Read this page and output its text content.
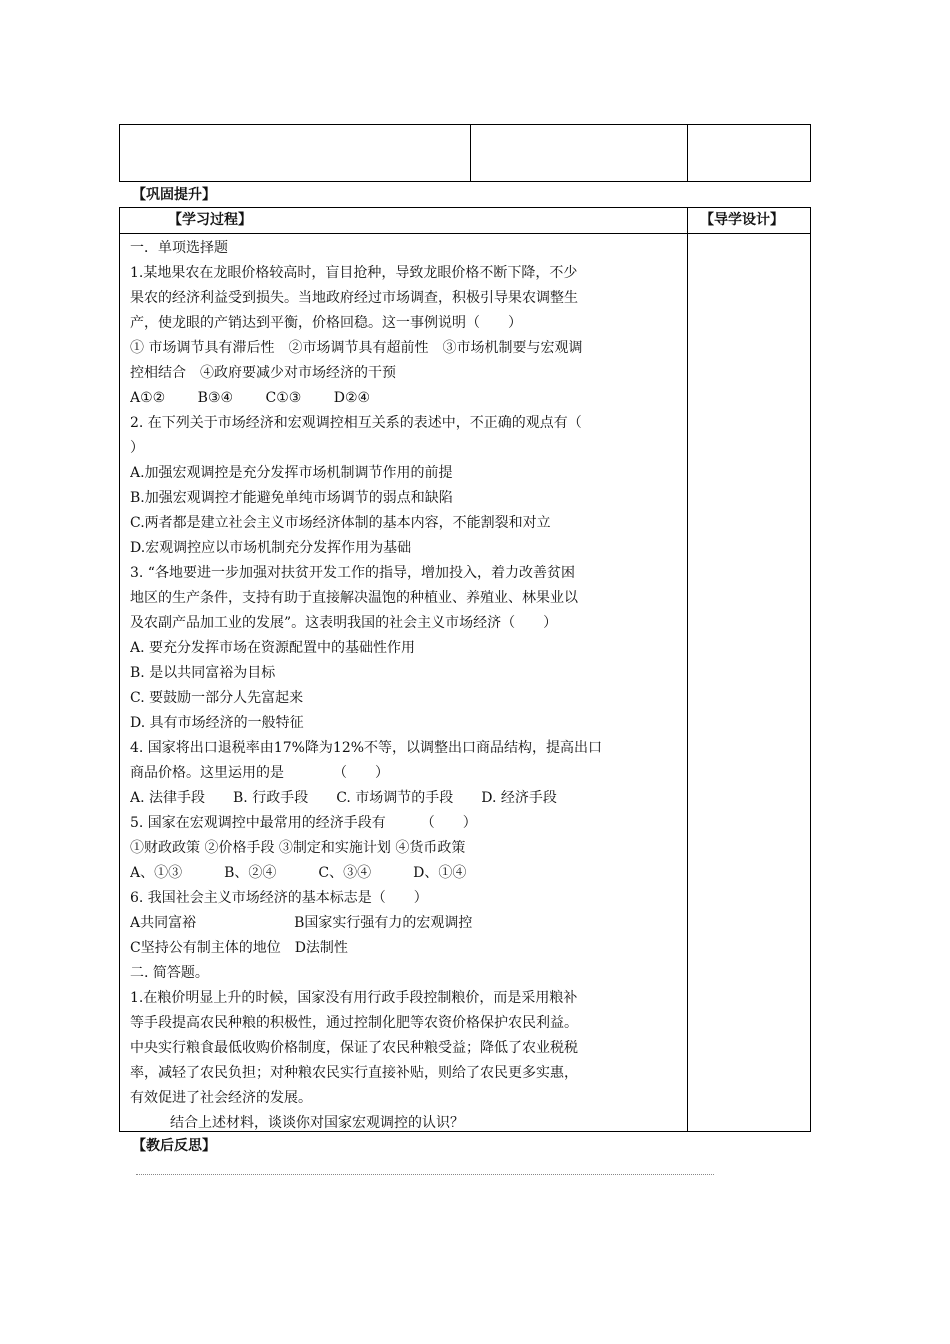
【巩固提升】
【学习过程】	【导学设计】
一．单项选择题
1.某地果农在龙眼价格较高时，盲目抢种，导致龙眼价格不断下降，不少
果农的经济利益受到损失。当地政府经过市场调查，积极引导果农调整生
产，使龙眼的产销达到平衡，价格回稳。这一事例说明（　　）
① 市场调节具有滞后性　②市场调节具有超前性　③市场机制要与宏观调
控相结合　④政府要减少对市场经济的干预
A①②　　 B③④　　 C①③　　 D②④
2. 在下列关于市场经济和宏观调控相互关系的表述中，不正确的观点有（
）
A.加强宏观调控是充分发挥市场机制调节作用的前提
B.加强宏观调控才能避免单纯市场调节的弱点和缺陷
C.两者都是建立社会主义市场经济体制的基本内容，不能割裂和对立
D.宏观调控应以市场机制充分发挥作用为基础
3. “各地要进一步加强对扶贫开发工作的指导，增加投入，着力改善贫困
地区的生产条件，支持有助于直接解决温饱的种植业、养殖业、林果业以
及农副产品加工业的发展”。这表明我国的社会主义市场经济（　　）
A. 要充分发挥市场在资源配置中的基础性作用
B. 是以共同富裕为目标
C. 要鼓励一部分人先富起来
D. 具有市场经济的一般特征
4. 国家将出口退税率由17%降为12%不等，以调整出口商品结构，提高出口
商品价格。这里运用的是　　　　（　　）
A. 法律手段　　B. 行政手段　　C. 市场调节的手段　　D. 经济手段
5. 国家在宏观调控中最常用的经济手段有　　　（　　）
①财政政策 ②价格手段 ③制定和实施计划 ④货币政策
A、①③　　　B、②④　　　C、③④　　　D、①④
6. 我国社会主义市场经济的基本标志是（　　）
A共同富裕　　　　　　　B国家实行强有力的宏观调控
C坚持公有制主体的地位　D法制性
二. 简答题。
1.在粮价明显上升的时候，国家没有用行政手段控制粮价，而是采用粮补
等手段提高农民种粮的积极性，通过控制化肥等农资价格保护农民利益。
中央实行粮食最低收购价格制度，保证了农民种粮受益；降低了农业税税
率，减轻了农民负担；对种粮农民实行直接补贴，则给了农民更多实惠，
有效促进了社会经济的发展。
结合上述材料，谈谈你对国家宏观调控的认识？
【教后反思】
